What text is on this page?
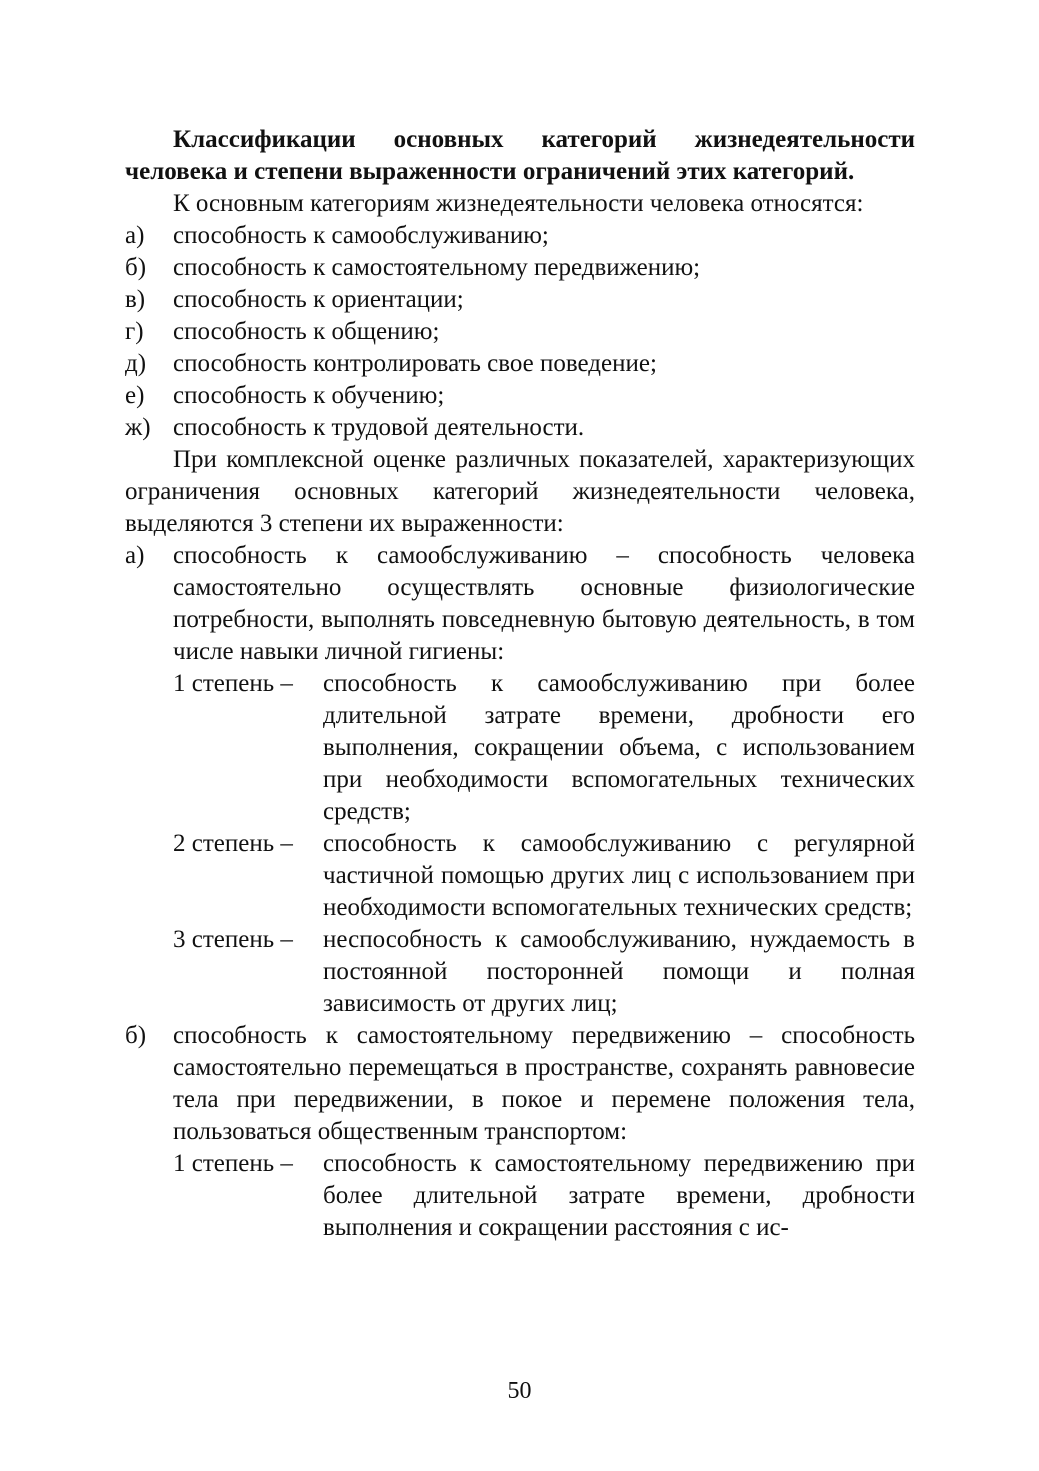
Классификации основных категорий жизнедеятельности человека и степени выраженности ограничений этих категорий.

К основным категориям жизнедеятельности человека относятся:

а) способность к самообслуживанию;

б) способность к самостоятельному передвижению;

в) способность к ориентации;

г) способность к общению;

д) способность контролировать свое поведение;

е) способность к обучению;

ж) способность к трудовой деятельности.

При комплексной оценке различных показателей, характеризующих ограничения основных категорий жизнедеятельности человека, выделяются 3 степени их выраженности:

а) способность к самообслуживанию – способность человека самостоятельно осуществлять основные физиологические потребности, выполнять повседневную бытовую деятельность, в том числе навыки личной гигиены:

1 степень – способность к самообслуживанию при более длительной затрате времени, дробности его выполнения, сокращении объема, с использованием при необходимости вспомогательных технических средств;

2 степень – способность к самообслуживанию с регулярной частичной помощью других лиц с использованием при необходимости вспомогательных технических средств;

3 степень – неспособность к самообслуживанию, нуждаемость в постоянной посторонней помощи и полная зависимость от других лиц;

б) способность к самостоятельному передвижению – способность самостоятельно перемещаться в пространстве, сохранять равновесие тела при передвижении, в покое и перемене положения тела, пользоваться общественным транспортом:

1 степень – способность к самостоятельному передвижению при более длительной затрате времени, дробности выполнения и сокращении расстояния с ис-

50
